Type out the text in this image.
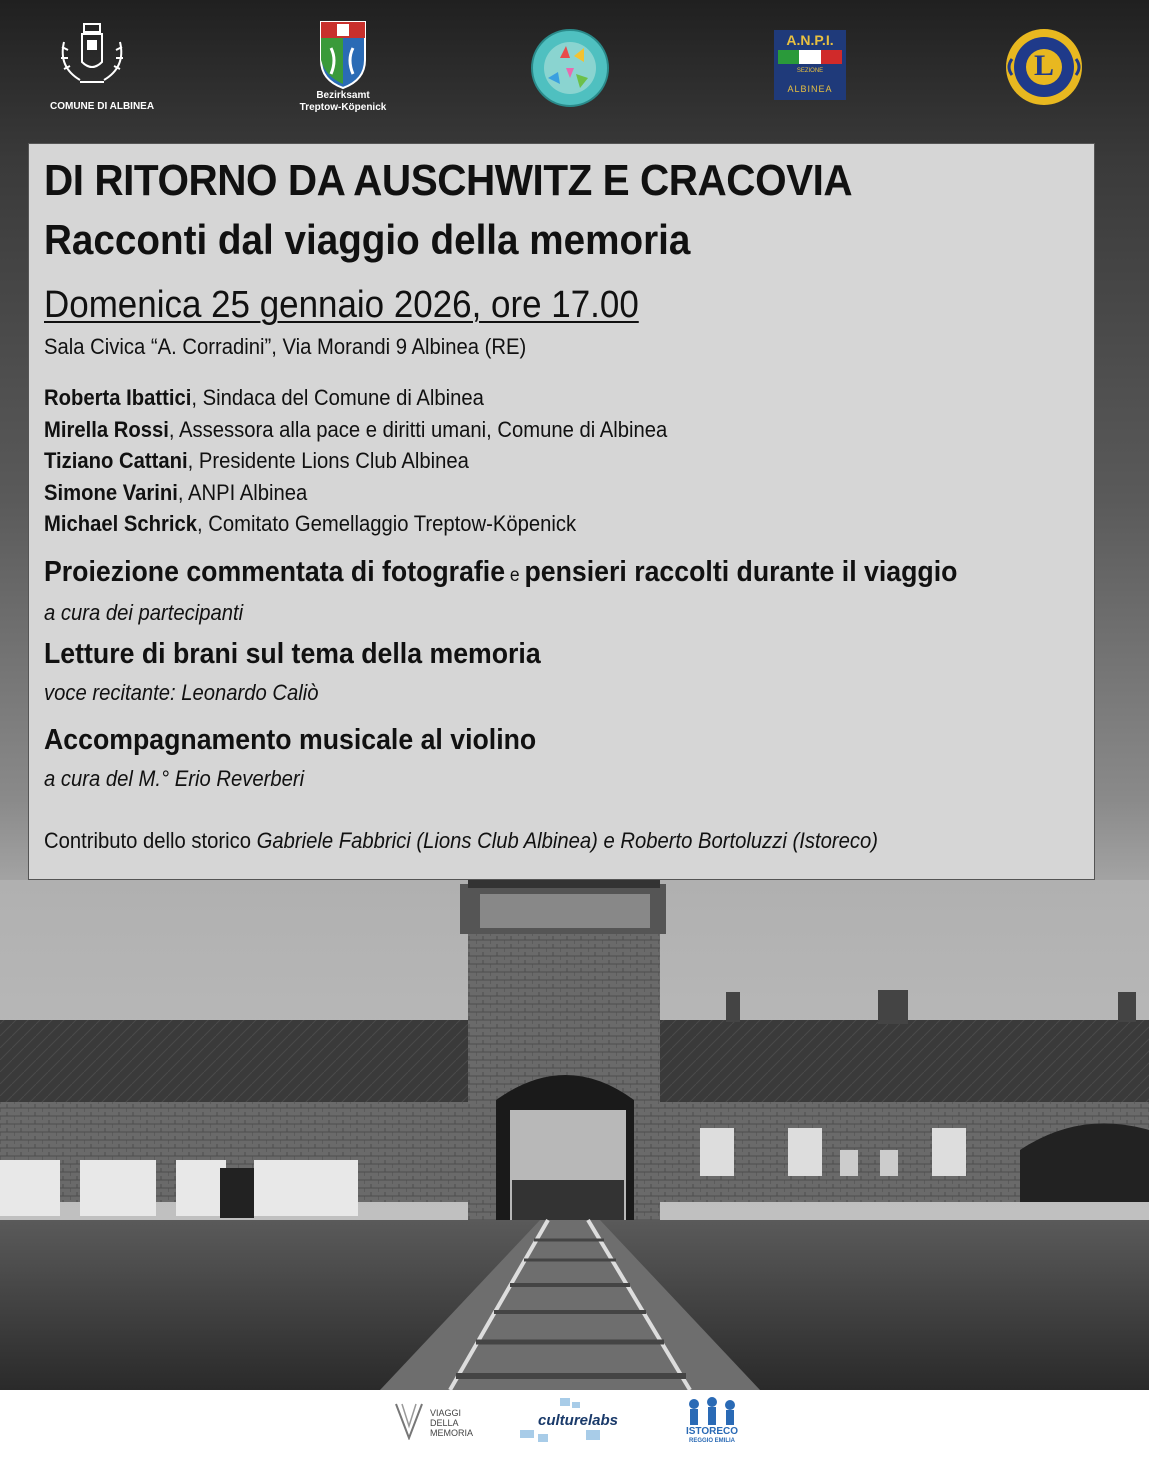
COMUNE DI ALBINEA
Bezirksamt
Treptow-Köpenick
A.N.P.I.
SEZIONE
ALBINEA
L
DI RITORNO DA AUSCHWITZ E CRACOVIA
Racconti dal viaggio della memoria
Domenica 25 gennaio 2026, ore 17.00
Sala Civica “A. Corradini”, Via Morandi 9 Albinea (RE)
Roberta Ibattici, Sindaca del Comune di Albinea
Mirella Rossi, Assessora alla pace e diritti umani, Comune di Albinea
Tiziano Cattani, Presidente Lions Club Albinea
Simone Varini, ANPI Albinea
Michael Schrick, Comitato Gemellaggio Treptow-Köpenick
Proiezione commentata di fotografie e pensieri raccolti durante il viaggio
a cura dei partecipanti
Letture di brani sul tema della memoria
voce recitante: Leonardo Caliò
Accompagnamento musicale al violino
a cura del M.° Erio Reverberi
Contributo dello storico Gabriele Fabbrici (Lions Club Albinea) e Roberto Bortoluzzi (Istoreco)
VIAGGI
DELLA
MEMORIA
culturelabs
ISTORECO
REGGIO EMILIA
